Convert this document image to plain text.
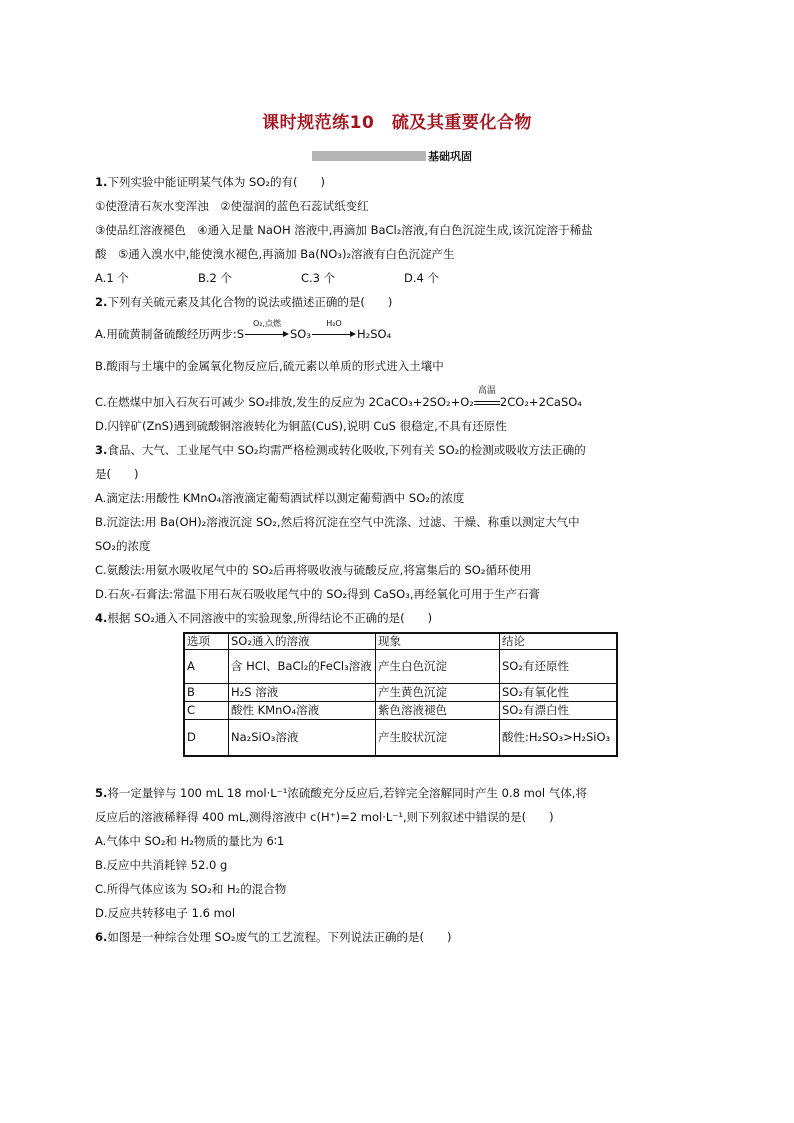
课时规范练10　硫及其重要化合物
基础巩固
1.下列实验中能证明某气体为 SO₂的有(　　)
①使澄清石灰水变浑浊　②使湿润的蓝色石蕊试纸变红
③使品红溶液褪色　④通入足量 NaOH 溶液中,再滴加 BaCl₂溶液,有白色沉淀生成,该沉淀溶于稀盐
酸　⑤通入溴水中,能使溴水褪色,再滴加 Ba(NO₃)₂溶液有白色沉淀产生
A.1 个	B.2 个	C.3 个	D.4 个
2.下列有关硫元素及其化合物的说法或描述正确的是(　　)
A.用硫黄制备硫酸经历两步:S
O₂,点燃
SO₃
H₂O
H₂SO₄
B.酸雨与土壤中的金属氧化物反应后,硫元素以单质的形式进入土壤中
C.在燃煤中加入石灰石可减少 SO₂排放,发生的反应为 2CaCO₃+2SO₂+O₂
高温
2CO₂+2CaSO₄
D.闪锌矿(ZnS)遇到硫酸铜溶液转化为铜蓝(CuS),说明 CuS 很稳定,不具有还原性
3.食品、大气、工业尾气中 SO₂均需严格检测或转化吸收,下列有关 SO₂的检测或吸收方法正确的
是(　　)
A.滴定法:用酸性 KMnO₄溶液滴定葡萄酒试样以测定葡萄酒中 SO₂的浓度
B.沉淀法:用 Ba(OH)₂溶液沉淀 SO₂,然后将沉淀在空气中洗涤、过滤、干燥、称重以测定大气中
SO₂的浓度
C.氨酸法:用氨水吸收尾气中的 SO₂后再将吸收液与硫酸反应,将富集后的 SO₂循环使用
D.石灰-石膏法:常温下用石灰石吸收尾气中的 SO₂得到 CaSO₃,再经氧化可用于生产石膏
4.根据 SO₂通入不同溶液中的实验现象,所得结论不正确的是(　　)
选项	SO₂通入的溶液	现象	结论
A	含 HCl、BaCl₂的FeCl₃溶液	产生白色沉淀	SO₂有还原性
B	H₂S 溶液	产生黄色沉淀	SO₂有氧化性
C	酸性 KMnO₄溶液	紫色溶液褪色	SO₂有漂白性
D	Na₂SiO₃溶液	产生胶状沉淀	酸性:H₂SO₃>H₂SiO₃
5.将一定量锌与 100 mL 18 mol·L⁻¹浓硫酸充分反应后,若锌完全溶解同时产生 0.8 mol 气体,将
反应后的溶液稀释得 400 mL,测得溶液中 c(H⁺)=2 mol·L⁻¹,则下列叙述中错误的是(　　)
A.气体中 SO₂和 H₂物质的量比为 6∶1
B.反应中共消耗锌 52.0 g
C.所得气体应该为 SO₂和 H₂的混合物
D.反应共转移电子 1.6 mol
6.如图是一种综合处理 SO₂废气的工艺流程。下列说法正确的是(　　)
